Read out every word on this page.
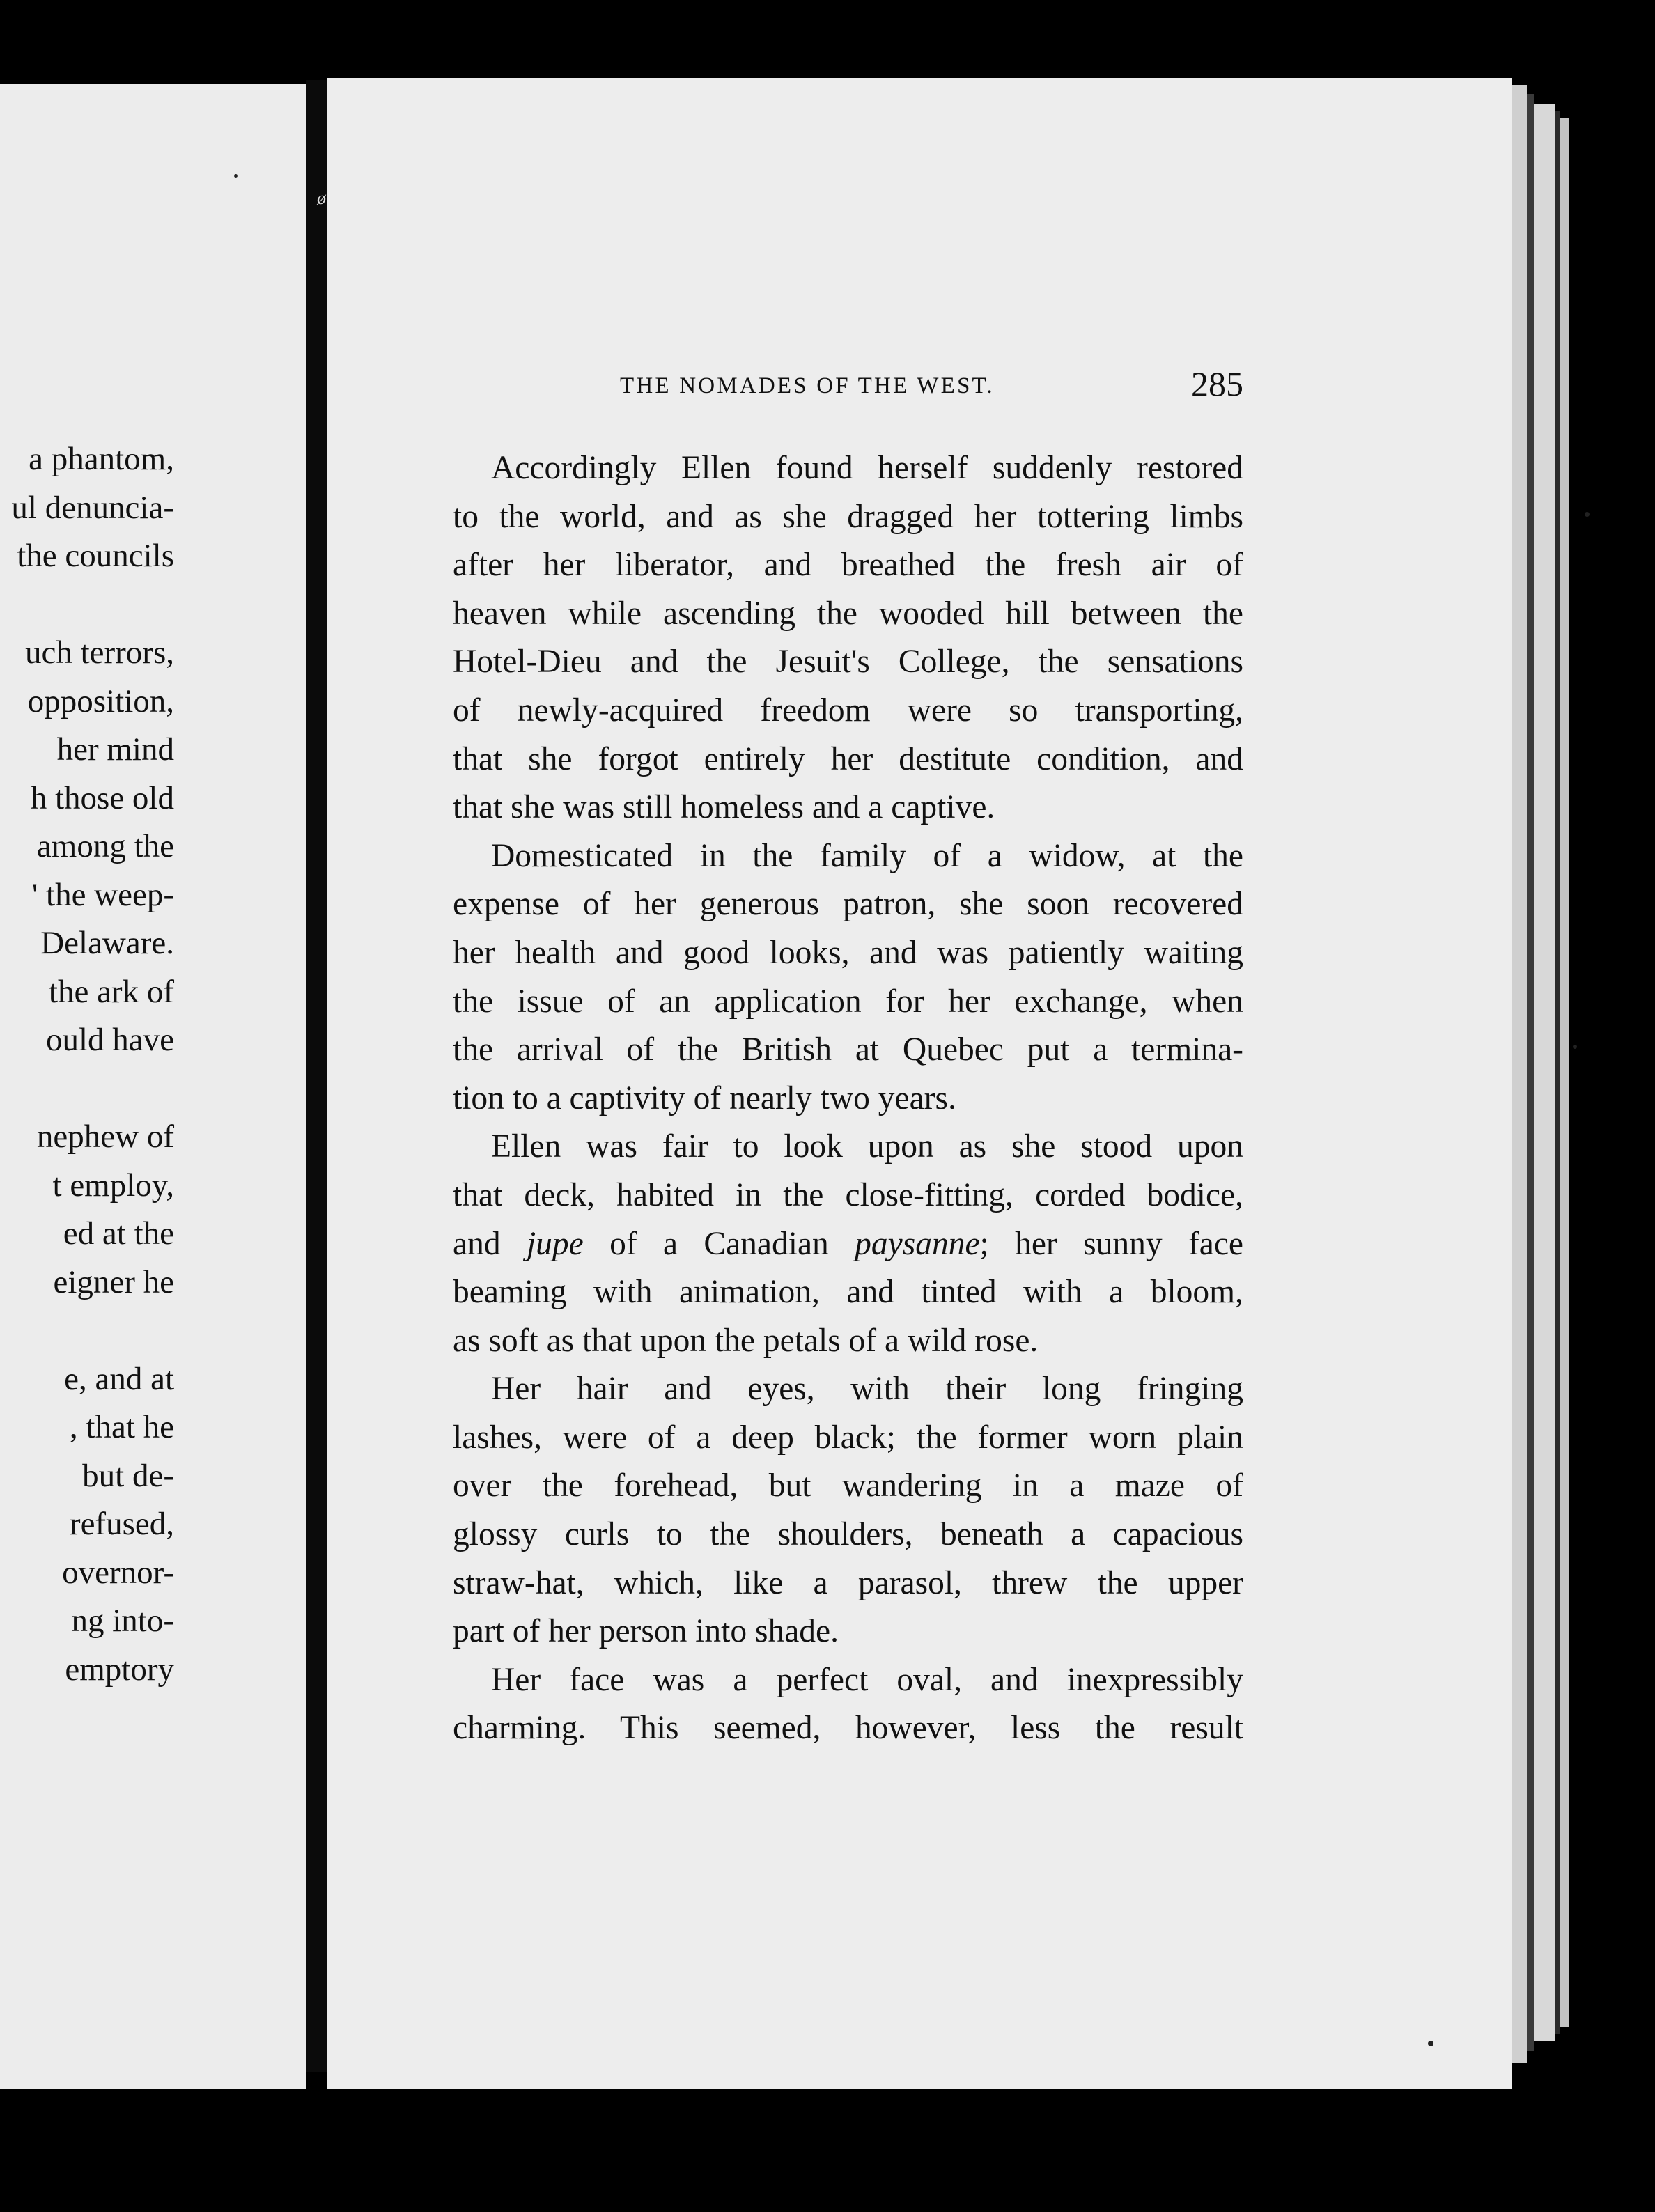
a phantom,
ul denuncia-
the councils
uch terrors,
opposition,
her mind
h those old
among the
' the weep-
Delaware.
the ark of
ould have
nephew of
t employ,
ed at the
eigner he
e, and at
, that he
but de-
refused,
overnor-
ng into-
emptory
ø
THE NOMADES OF THE WEST.	285
Accordingly Ellen found herself suddenly restored
to the world, and as she dragged her tottering limbs
after her liberator, and breathed the fresh air of
heaven while ascending the wooded hill between the
Hotel-Dieu and the Jesuit's College, the sensations
of newly-acquired freedom were so transporting,
that she forgot entirely her destitute condition, and
that she was still homeless and a captive.
Domesticated in the family of a widow, at the
expense of her generous patron, she soon recovered
her health and good looks, and was patiently waiting
the issue of an application for her exchange, when
the arrival of the British at Quebec put a termina-
tion to a captivity of nearly two years.
Ellen was fair to look upon as she stood upon
that deck, habited in the close-fitting, corded bodice,
and jupe of a Canadian paysanne; her sunny face
beaming with animation, and tinted with a bloom,
as soft as that upon the petals of a wild rose.
Her hair and eyes, with their long fringing
lashes, were of a deep black; the former worn plain
over the forehead, but wandering in a maze of
glossy curls to the shoulders, beneath a capacious
straw-hat, which, like a parasol, threw the upper
part of her person into shade.
Her face was a perfect oval, and inexpressibly
charming. This seemed, however, less the result
